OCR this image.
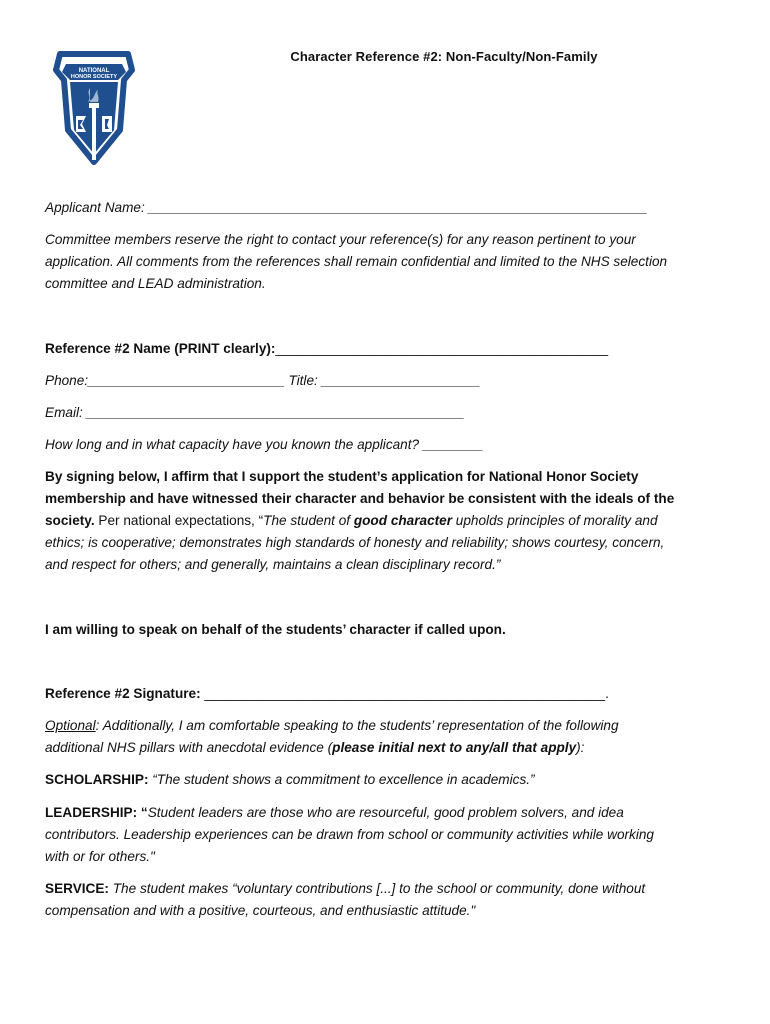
NATIONAL
HONOR SOCIETY
Character Reference #2: Non-Faculty/Non-Family
Applicant Name: __________________________________________________________________
Committee members reserve the right to contact your reference(s) for any reason pertinent to your
application. All comments from the references shall remain confidential and limited to the NHS selection
committee and LEAD administration.
Reference #2 Name (PRINT clearly):____________________________________________
Phone:__________________________ Title: _____________________
Email: __________________________________________________
How long and in what capacity have you known the applicant? ________
By signing below, I affirm that I support the student’s application for National Honor Society
membership and have witnessed their character and behavior be consistent with the ideals of the
society. Per national expectations, “The student of good character upholds principles of morality and
ethics; is cooperative; demonstrates high standards of honesty and reliability; shows courtesy, concern,
and respect for others; and generally, maintains a clean disciplinary record.”
I am willing to speak on behalf of the students’ character if called upon.
Reference #2 Signature: _____________________________________________________.
Optional: Additionally, I am comfortable speaking to the students’ representation of the following
additional NHS pillars with anecdotal evidence (please initial next to any/all that apply):
SCHOLARSHIP: “The student shows a commitment to excellence in academics.”
LEADERSHIP: “Student leaders are those who are resourceful, good problem solvers, and idea
contributors. Leadership experiences can be drawn from school or community activities while working
with or for others."
SERVICE: The student makes “voluntary contributions [...] to the school or community, done without
compensation and with a positive, courteous, and enthusiastic attitude."
